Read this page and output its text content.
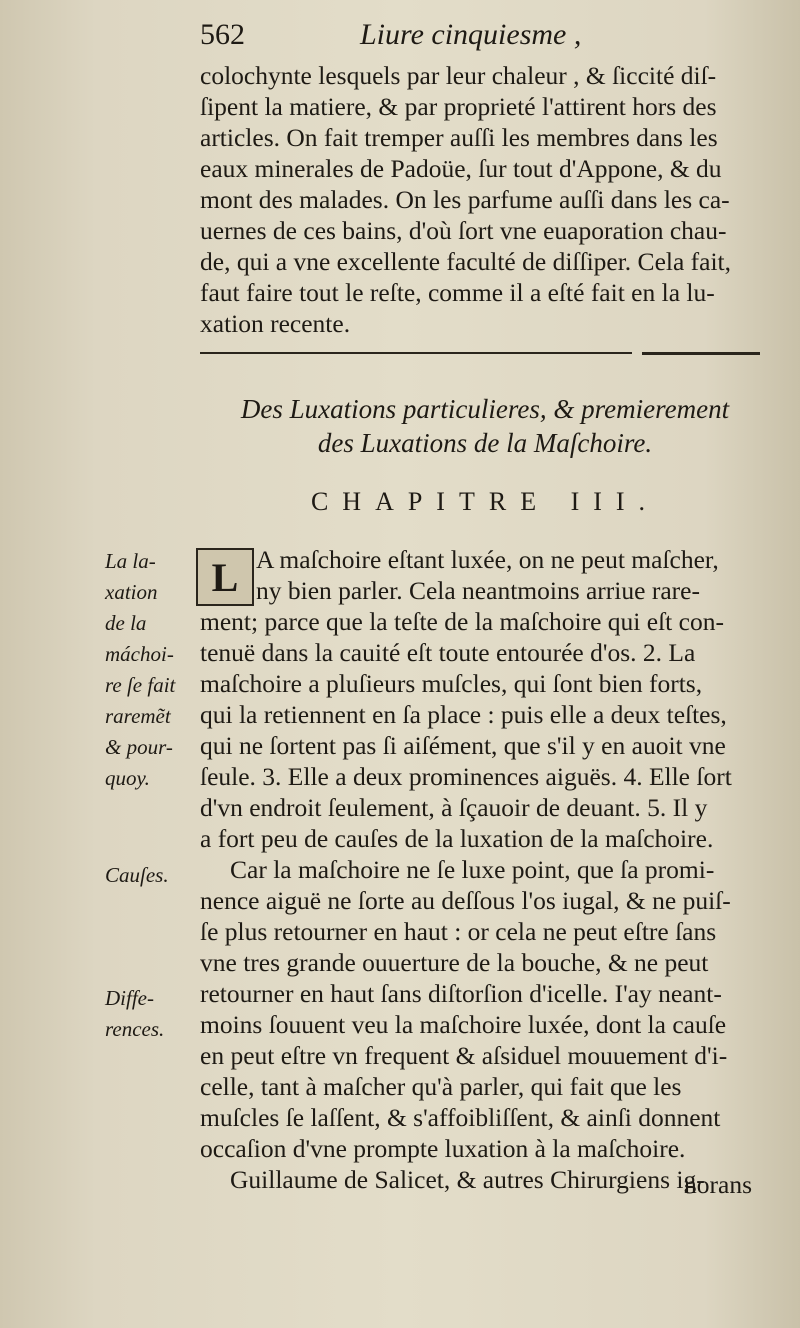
562	Liure cinquiesme ,
colochynte lesquels par leur chaleur , & ſiccité diſ-
ſipent la matiere, & par proprieté l'attirent hors des
articles. On fait tremper auſſi les membres dans les
eaux minerales de Padoüe, ſur tout d'Appone, & du
mont des malades. On les parfume auſſi dans les ca-
uernes de ces bains, d'où ſort vne euaporation chau-
de, qui a vne excellente faculté de diſſiper. Cela fait,
faut faire tout le reſte, comme il a eſté fait en la lu-
xation recente.
Des Luxations particulieres, & premierement
des Luxations de la Maſchoire.
CHAPITRE III.
L A maſchoire eſtant luxée, on ne peut maſcher,
ny bien parler. Cela neantmoins arriue rare-
ment; parce que la teſte de la maſchoire qui eſt con-
tenuë dans la cauité eſt toute entourée d'os. 2. La
maſchoire a pluſieurs muſcles, qui ſont bien forts,
qui la retiennent en ſa place : puis elle a deux teſtes,
qui ne ſortent pas ſi aiſément, que s'il y en auoit vne
ſeule. 3. Elle a deux prominences aiguës. 4. Elle ſort
d'vn endroit ſeulement, à ſçauoir de deuant. 5. Il y
a fort peu de cauſes de la luxation de la maſchoire.
Car la maſchoire ne ſe luxe point, que ſa promi-
nence aiguë ne ſorte au deſſous l'os iugal, & ne puiſ-
ſe plus retourner en haut : or cela ne peut eſtre ſans
vne tres grande ouuerture de la bouche, & ne peut
retourner en haut ſans diſtorſion d'icelle. I'ay neant-
moins ſouuent veu la maſchoire luxée, dont la cauſe
en peut eſtre vn frequent & aſsiduel mouuement d'i-
celle, tant à maſcher qu'à parler, qui fait que les
muſcles ſe laſſent, & s'affoibliſſent, & ainſi donnent
occaſion d'vne prompte luxation à la maſchoire.
Guillaume de Salicet, & autres Chirurgiens ig-
norans
La la-
xation
de la
máchoi-
re ſe fait
raremẽt
& pour-
quoy.
Cauſes.
Diffe-
rences.
